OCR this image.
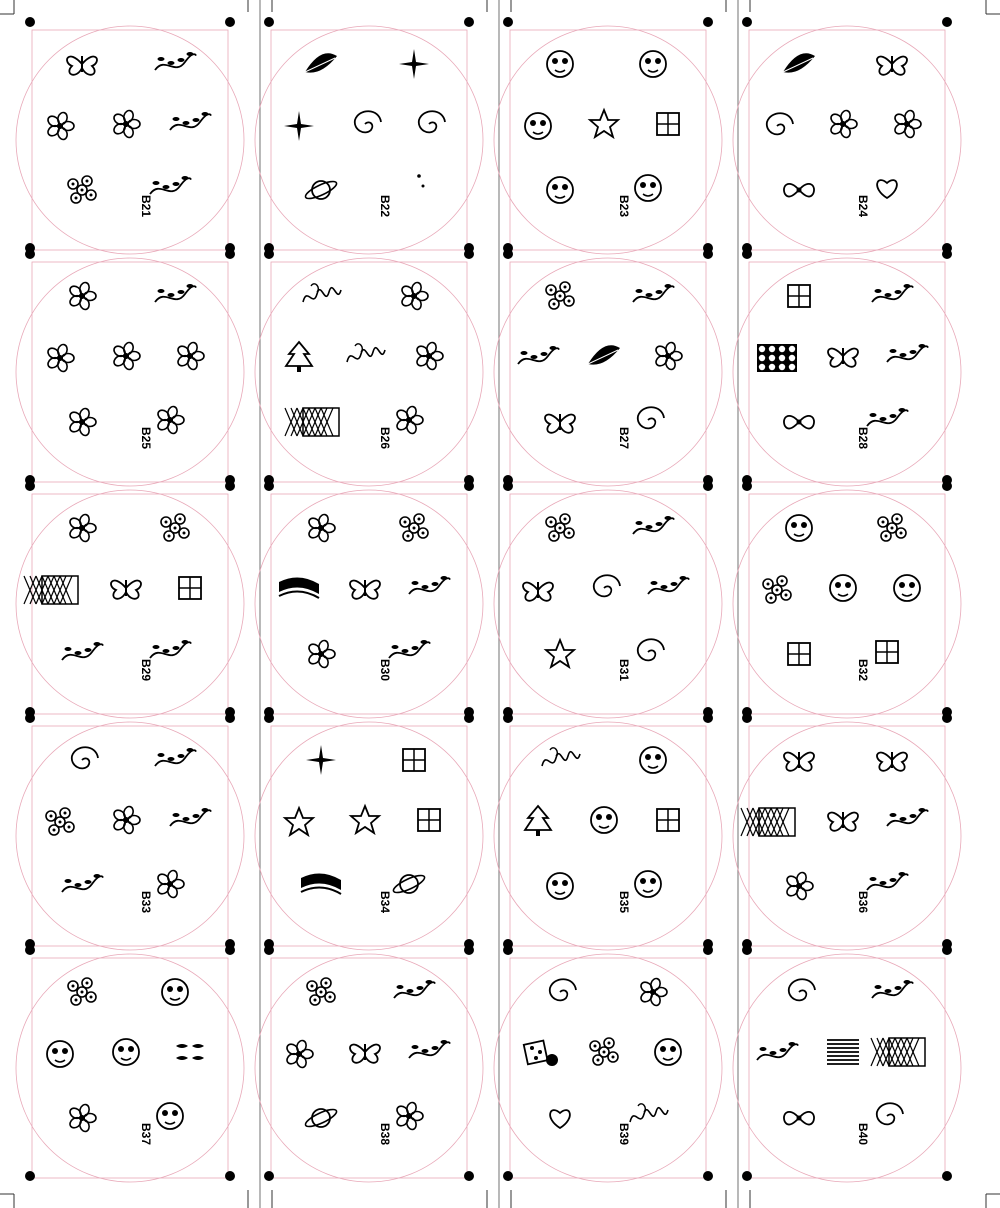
B21	B22	B23	B24
B25	B26	B27	B28
B29	B30	B31	B32
B33	B34	B35	B36
B37	B38	B39	B40
